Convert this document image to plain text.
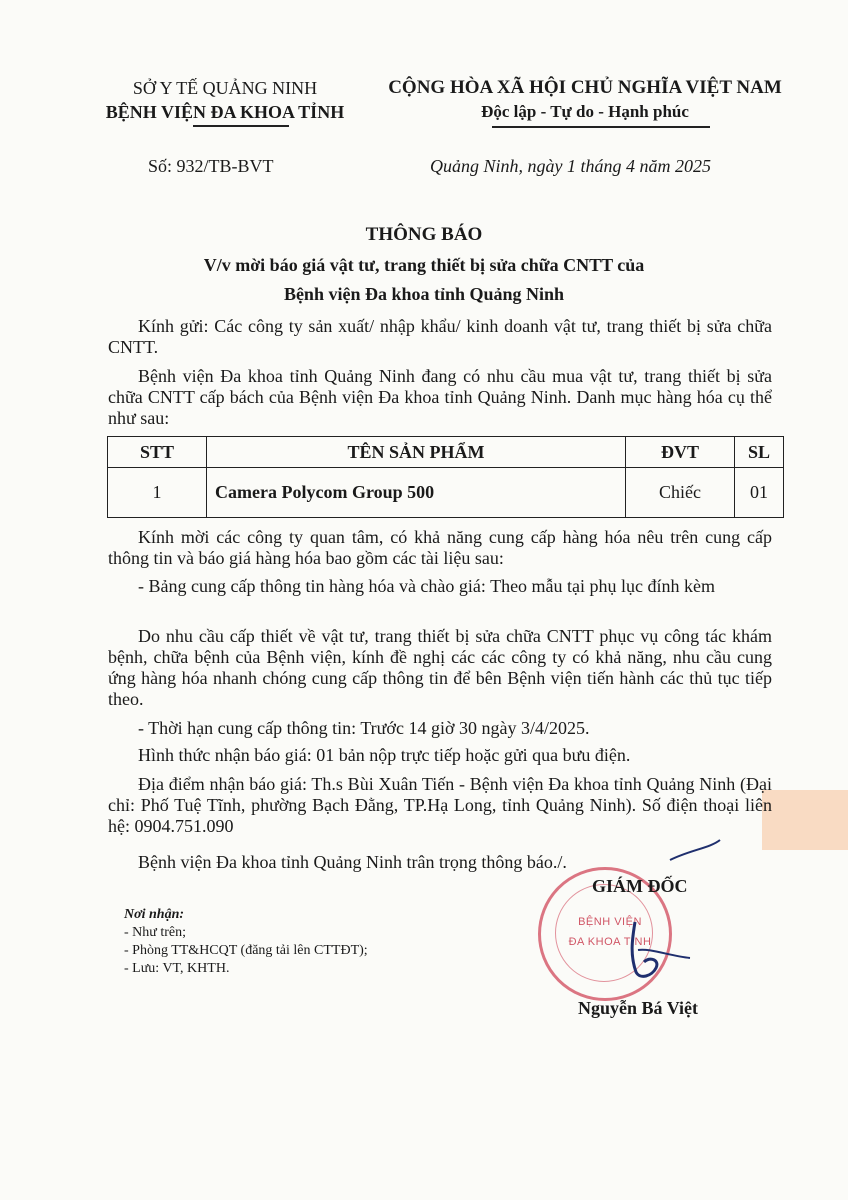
SỞ Y TẾ QUẢNG NINH
BỆNH VIỆN ĐA KHOA TỈNH
CỘNG HÒA XÃ HỘI CHỦ NGHĨA VIỆT NAM
Độc lập - Tự do - Hạnh phúc
Số: 932/TB-BVT	Quảng Ninh, ngày 1 tháng 4 năm 2025
THÔNG BÁO
V/v mời báo giá vật tư, trang thiết bị sửa chữa CNTT của
Bệnh viện Đa khoa tỉnh Quảng Ninh
Kính gửi: Các công ty sản xuất/ nhập khẩu/ kinh doanh vật tư, trang thiết bị sửa chữa CNTT.
Bệnh viện Đa khoa tỉnh Quảng Ninh đang có nhu cầu mua vật tư, trang thiết bị sửa chữa CNTT cấp bách của Bệnh viện Đa khoa tỉnh Quảng Ninh. Danh mục hàng hóa cụ thể như sau:
STT	TÊN SẢN PHẨM	ĐVT	SL
1	Camera Polycom Group 500	Chiếc	01
Kính mời các công ty quan tâm, có khả năng cung cấp hàng hóa nêu trên cung cấp thông tin và báo giá hàng hóa bao gồm các tài liệu sau:
- Bảng cung cấp thông tin hàng hóa và chào giá: Theo mẫu tại phụ lục đính kèm
Do nhu cầu cấp thiết về vật tư, trang thiết bị sửa chữa CNTT phục vụ công tác khám bệnh, chữa bệnh của Bệnh viện, kính đề nghị các các công ty có khả năng, nhu cầu cung ứng hàng hóa nhanh chóng cung cấp thông tin để bên Bệnh viện tiến hành các thủ tục tiếp theo.
- Thời hạn cung cấp thông tin: Trước 14 giờ 30 ngày 3/4/2025.
Hình thức nhận báo giá: 01 bản nộp trực tiếp hoặc gửi qua bưu điện.
Địa điểm nhận báo giá: Th.s Bùi Xuân Tiến - Bệnh viện Đa khoa tỉnh Quảng Ninh (Đại chỉ: Phố Tuệ Tĩnh, phường Bạch Đằng, TP.Hạ Long, tỉnh Quảng Ninh). Số điện thoại liên hệ: 0904.751.090
Bệnh viện Đa khoa tỉnh Quảng Ninh trân trọng thông báo./.
Nơi nhận:
- Như trên;
- Phòng TT&HCQT (đăng tải lên CTTĐT);
- Lưu: VT, KHTH.
BỆNH VIỆN
ĐA KHOA TỈNH
GIÁM ĐỐC
Nguyễn Bá Việt
